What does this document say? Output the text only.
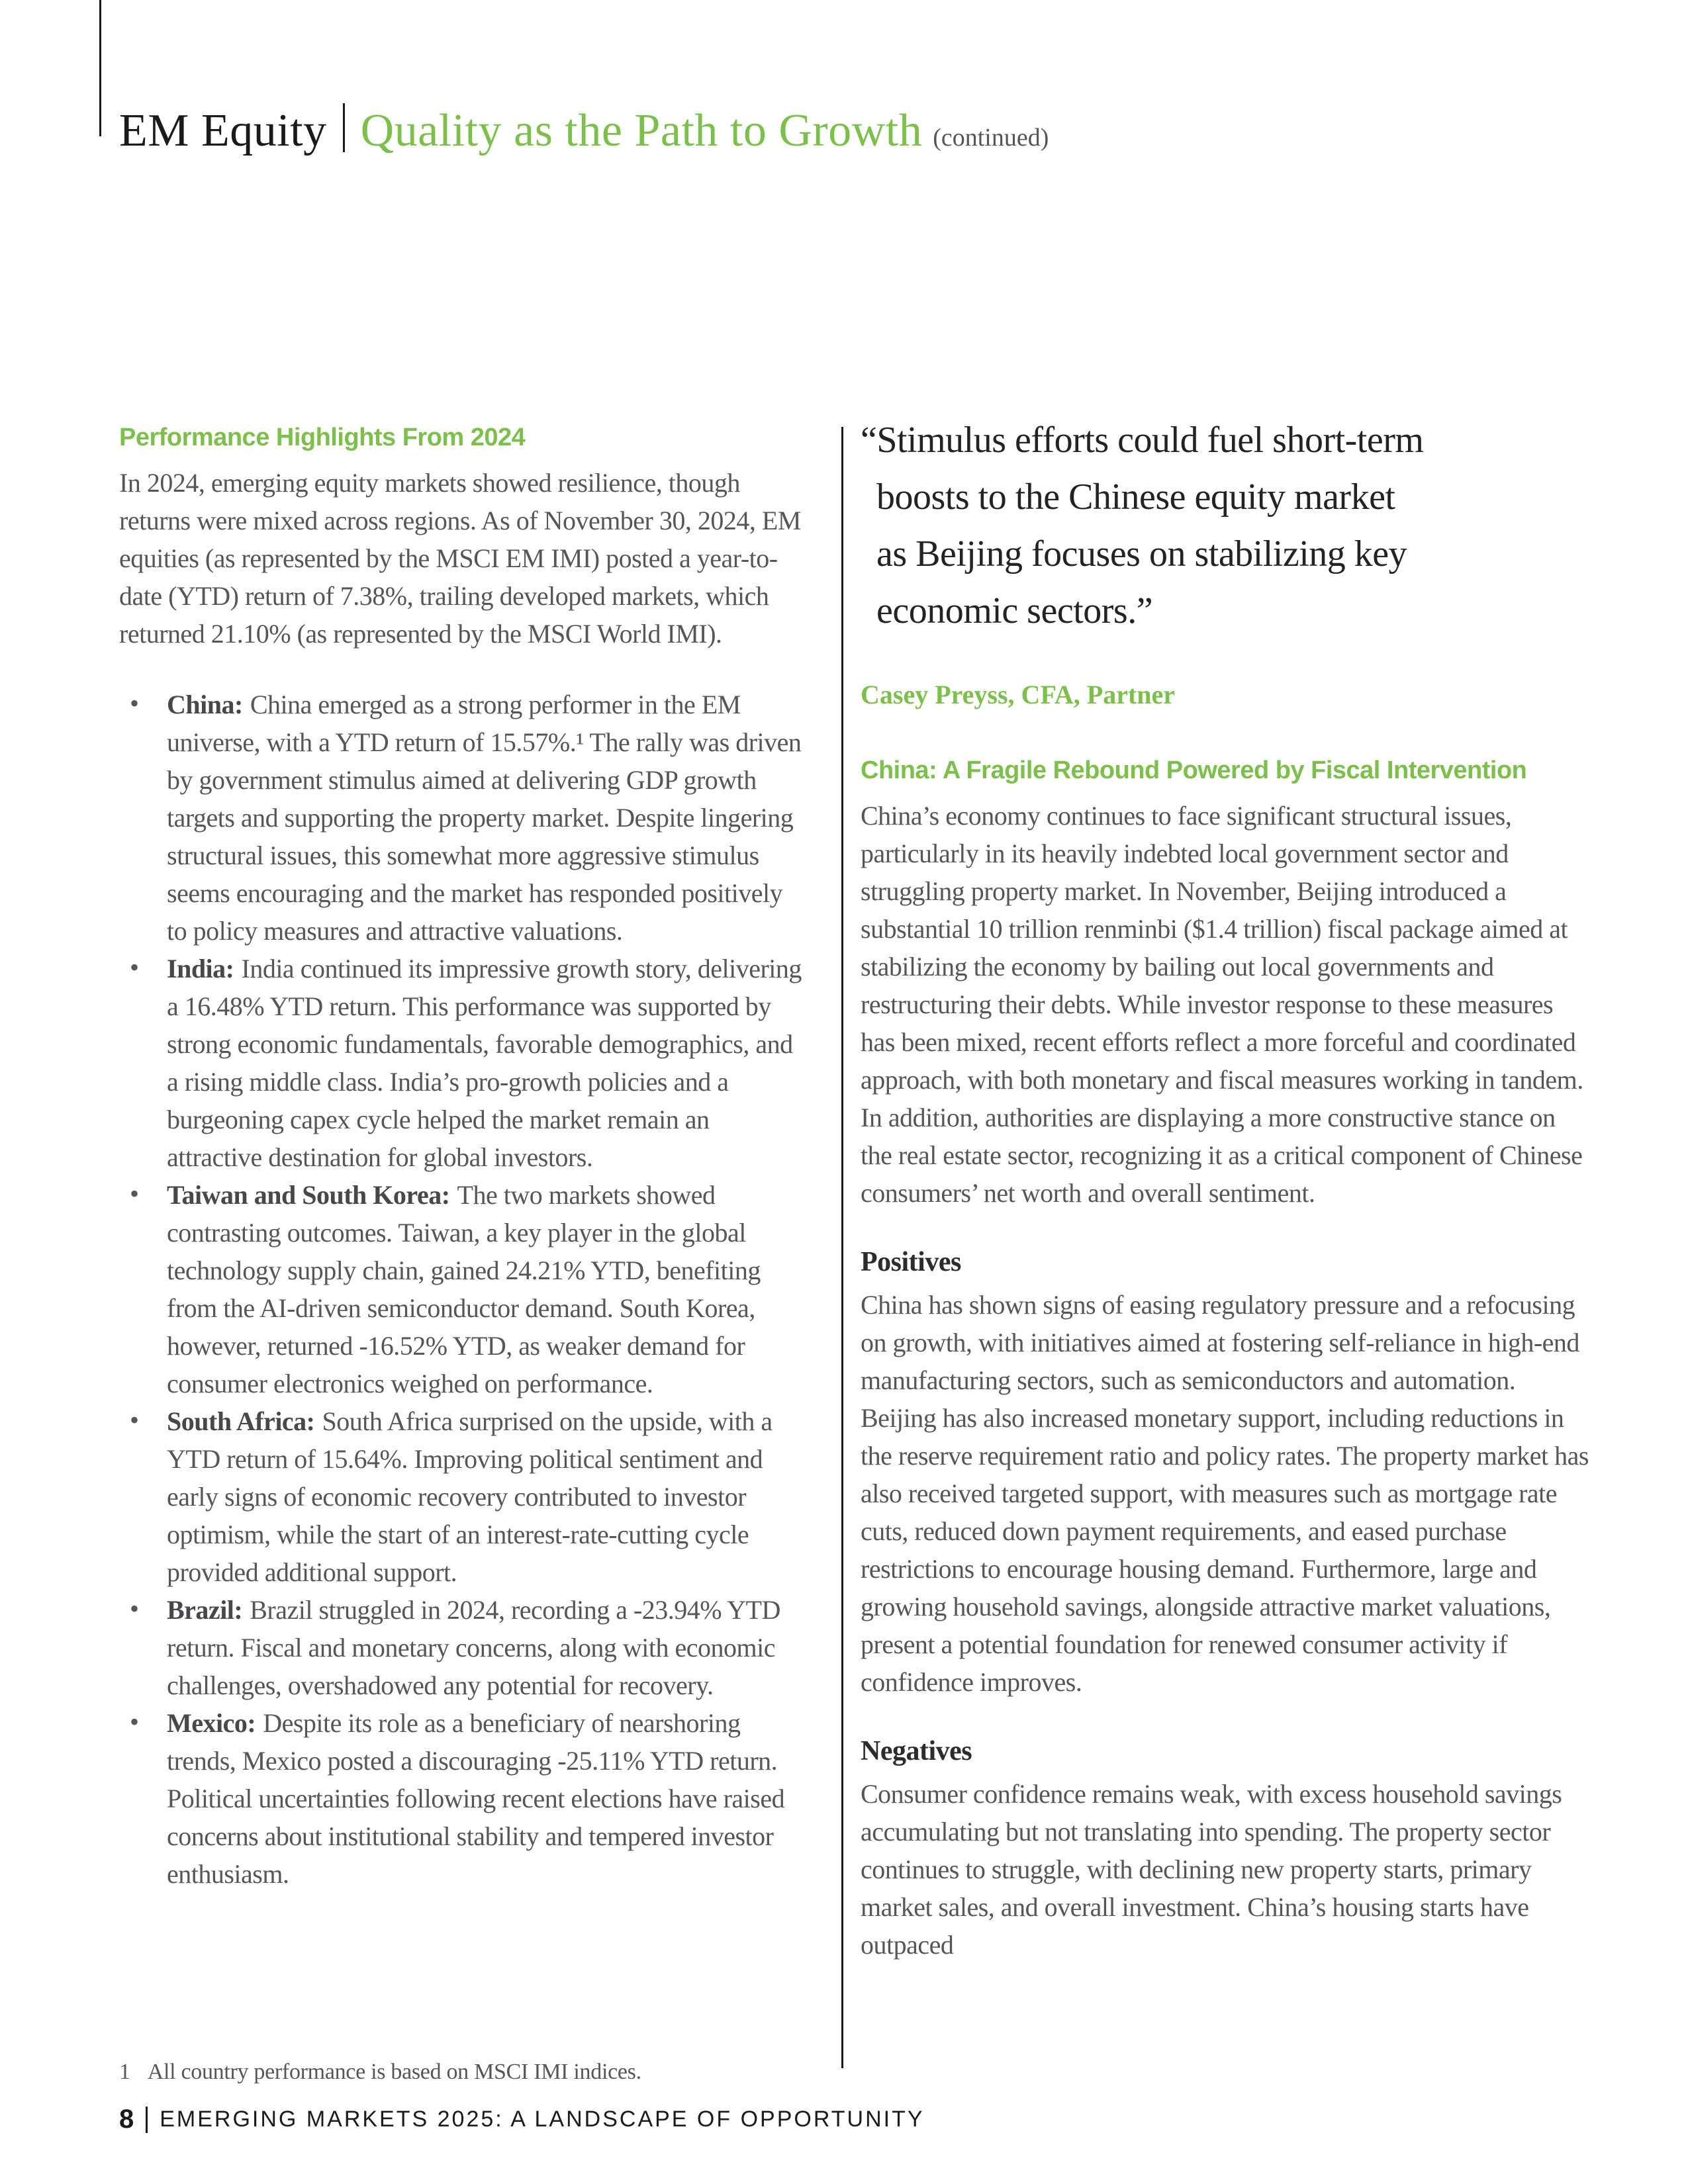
EM Equity Quality as the Path to Growth (continued)
Performance Highlights From 2024

In 2024, emerging equity markets showed resilience, though returns were mixed across regions. As of November 30, 2024, EM equities (as represented by the MSCI EM IMI) posted a year-to-date (YTD) return of 7.38%, trailing developed markets, which returned 21.10% (as represented by the MSCI World IMI).

• China: China emerged as a strong performer in the EM universe, with a YTD return of 15.57%.¹ The rally was driven by government stimulus aimed at delivering GDP growth targets and supporting the property market. Despite lingering structural issues, this somewhat more aggressive stimulus seems encouraging and the market has responded positively to policy measures and attractive valuations.
• India: India continued its impressive growth story, delivering a 16.48% YTD return. This performance was supported by strong economic fundamentals, favorable demographics, and a rising middle class. India’s pro-growth policies and a burgeoning capex cycle helped the market remain an attractive destination for global investors.
• Taiwan and South Korea: The two markets showed contrasting outcomes. Taiwan, a key player in the global technology supply chain, gained 24.21% YTD, benefiting from the AI-driven semiconductor demand. South Korea, however, returned -16.52% YTD, as weaker demand for consumer electronics weighed on performance.
• South Africa: South Africa surprised on the upside, with a YTD return of 15.64%. Improving political sentiment and early signs of economic recovery contributed to investor optimism, while the start of an interest-rate-cutting cycle provided additional support.
• Brazil: Brazil struggled in 2024, recording a -23.94% YTD return. Fiscal and monetary concerns, along with economic challenges, overshadowed any potential for recovery.
• Mexico: Despite its role as a beneficiary of nearshoring trends, Mexico posted a discouraging -25.11% YTD return. Political uncertainties following recent elections have raised concerns about institutional stability and tempered investor enthusiasm.
“Stimulus efforts could fuel short-term
boosts to the Chinese equity market
as Beijing focuses on stabilizing key
economic sectors.”
Casey Preyss, CFA, Partner
China: A Fragile Rebound Powered by Fiscal Intervention

China’s economy continues to face significant structural issues, particularly in its heavily indebted local government sector and struggling property market. In November, Beijing introduced a substantial 10 trillion renminbi ($1.4 trillion) fiscal package aimed at stabilizing the economy by bailing out local governments and restructuring their debts. While investor response to these measures has been mixed, recent efforts reflect a more forceful and coordinated approach, with both monetary and fiscal measures working in tandem. In addition, authorities are displaying a more constructive stance on the real estate sector, recognizing it as a critical component of Chinese consumers’ net worth and overall sentiment.

Positives

China has shown signs of easing regulatory pressure and a refocusing on growth, with initiatives aimed at fostering self-reliance in high-end manufacturing sectors, such as semiconductors and automation. Beijing has also increased monetary support, including reductions in the reserve requirement ratio and policy rates. The property market has also received targeted support, with measures such as mortgage rate cuts, reduced down payment requirements, and eased purchase restrictions to encourage housing demand. Furthermore, large and growing household savings, alongside attractive market valuations, present a potential foundation for renewed consumer activity if confidence improves.

Negatives

Consumer confidence remains weak, with excess household savings accumulating but not translating into spending. The property sector continues to struggle, with declining new property starts, primary market sales, and overall investment. China’s housing starts have outpaced

1 All country performance is based on MSCI IMI indices.
8 EMERGING MARKETS 2025: A LANDSCAPE OF OPPORTUNITY
